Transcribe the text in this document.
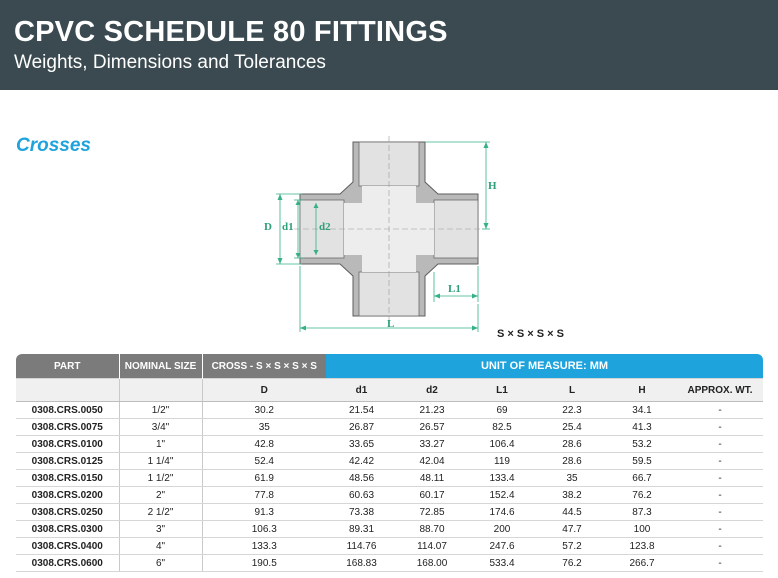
CPVC SCHEDULE 80 FITTINGS
Weights, Dimensions and Tolerances
Crosses
D d1 d2
H
L1
L
S × S × S × S
PART	NOMINAL SIZE	CROSS - S × S × S × S	UNIT OF MEASURE: MM					
		D	d1	d2	L1	L	H	APPROX. WT.
0308.CRS.0050	1/2"	30.2	21.54	21.23	69	22.3	34.1	-
0308.CRS.0075	3/4"	35	26.87	26.57	82.5	25.4	41.3	-
0308.CRS.0100	1"	42.8	33.65	33.27	106.4	28.6	53.2	-
0308.CRS.0125	1 1/4"	52.4	42.42	42.04	119	28.6	59.5	-
0308.CRS.0150	1 1/2"	61.9	48.56	48.11	133.4	35	66.7	-
0308.CRS.0200	2"	77.8	60.63	60.17	152.4	38.2	76.2	-
0308.CRS.0250	2 1/2"	91.3	73.38	72.85	174.6	44.5	87.3	-
0308.CRS.0300	3"	106.3	89.31	88.70	200	47.7	100	-
0308.CRS.0400	4"	133.3	114.76	114.07	247.6	57.2	123.8	-
0308.CRS.0600	6"	190.5	168.83	168.00	533.4	76.2	266.7	-
